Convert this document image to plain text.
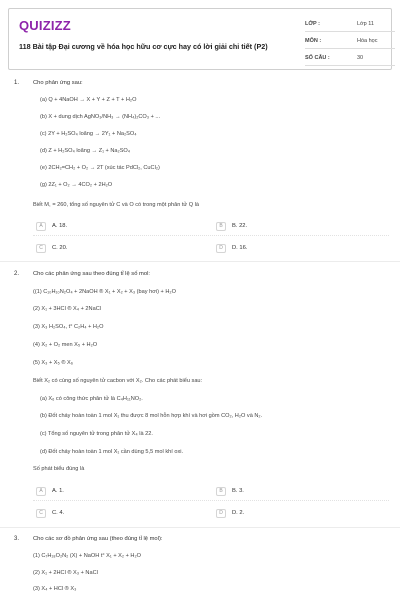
QUIZIZZ
118 Bài tập Đại cương về hóa học hữu cơ cực hay có lời giải chi tiết (P2)
LỚP :	Lớp 11
MÔN :	Hóa học
SỐ CÂU :	30
1. Cho phản ứng sau:
(a) Q + 4NaOH → X + Y + Z + T + H₂O
(b) X + dung dịch AgNO₃/NH₃ → (NH₄)₂CO₃ + ...
(c) 2Y + H₂SO₄ loãng → 2Y₁ + Na₂SO₄
(d) Z + H₂SO₄ loãng → Z₁ + Na₂SO₄
(e) 2CH₂=CH₂ + O₂ → 2T (xúc tác PdCl₂, CuCl₂)
(g) 2Z₁ + O₂ → 4CO₂ + 2H₂O
Biết M꜀ = 260, tổng số nguyên tử C và O có trong một phân tử Q là
A	A. 18.	B	B. 22.
C	C. 20.	D	D. 16.
2. Cho các phản ứng sau theo đúng tỉ lệ số mol:
((1) C₁₀H₁₀N₂O₄ + 2NaOH ® X₁ + X₂ + X₃ (bay hơi) + H₂O
(2) X₁ + 3HCl ® X₄ + 2NaCl
(3) X₃ H₂SO₄, t° C₂H₄ + H₂O
(4) X₂ + O₂ men X₅ + H₂O
(5) X₃ + X₅ ® X₆
Biết X₂ có cùng số nguyên tử cacbon với X₂. Cho các phát biểu sau:
(a) X₆ có công thức phân tử là C₄H₁₁NO₂.
(b) Đốt cháy hoàn toàn 1 mol X₁ thu được 8 mol hỗn hợp khí và hơi gồm CO₂, H₂O và N₂.
(c) Tổng số nguyên tử trong phân tử X₄ là 22.
(d) Đốt cháy hoàn toàn 1 mol X₁ cần dùng 5,5 mol khí oxi.
Số phát biểu đúng là
A	A. 1.	B	B. 3.
C	C. 4.	D	D. 2.
3. Cho các sơ đồ phản ứng sau (theo đúng tỉ lệ mol):
(1) C₇H₁₈O₂N₂ (X) + NaOH t° X₁ + X₂ + H₂O
(2) X₁ + 2HCl ® X₃ + NaCl
(3) X₄ + HCl ® X₃
